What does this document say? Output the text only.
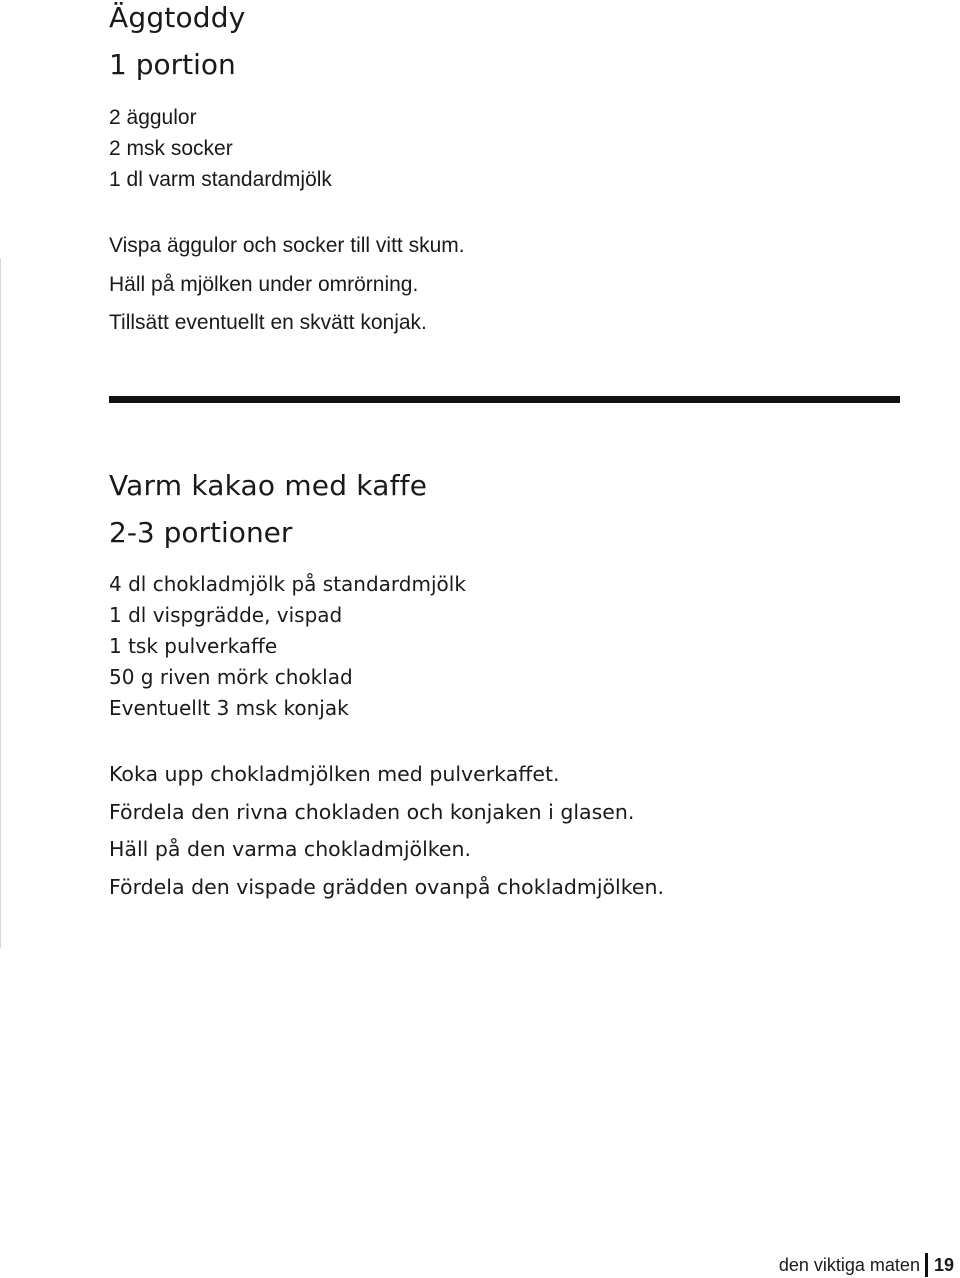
Äggtoddy
1 portion
2 äggulor
2 msk socker
1 dl varm standardmjölk
Vispa äggulor och socker till vitt skum.
Häll på mjölken under omrörning.
Tillsätt eventuellt en skvätt konjak.
Varm kakao med kaffe
2-3 portioner
4 dl chokladmjölk på standardmjölk
1 dl vispgrädde, vispad
1 tsk pulverkaffe
50 g riven mörk choklad
Eventuellt 3 msk konjak
Koka upp chokladmjölken med pulverkaffet.
Fördela den rivna chokladen och konjaken i glasen.
Häll på den varma chokladmjölken.
Fördela den vispade grädden ovanpå chokladmjölken.
den viktiga maten 19
